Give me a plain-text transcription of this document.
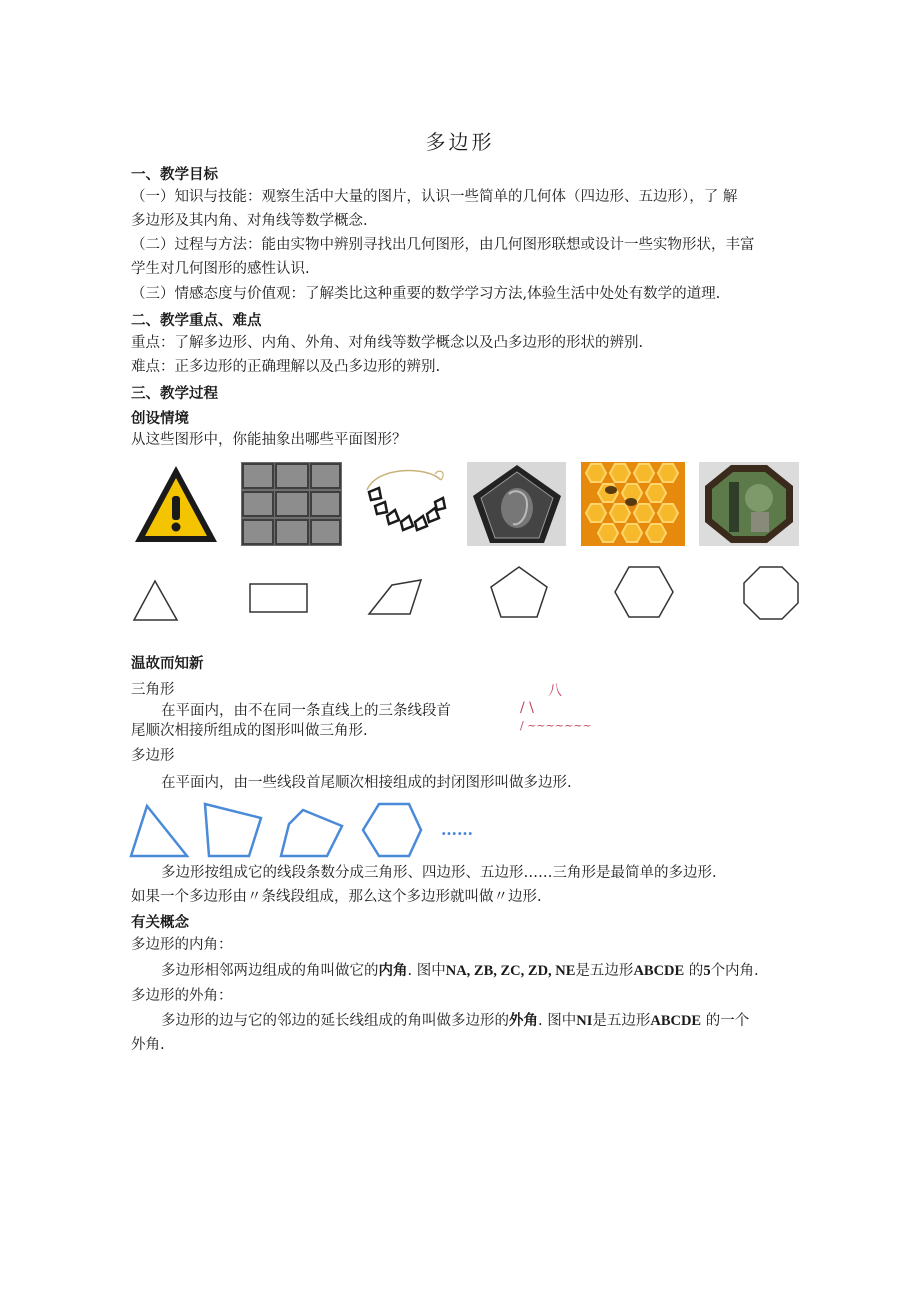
多边形
一、教学目标
（一）知识与技能：观察生活中大量的图片，认识一些简单的几何体（四边形、五边形），了 解
多边形及其内角、对角线等数学概念.
（二）过程与方法：能由实物中辨别寻找出几何图形，由几何图形联想或设计一些实物形状，丰富
学生对几何图形的感性认识.
（三）情感态度与价值观：了解类比这种重要的数学学习方法,体验生活中处处有数学的道理.
二、教学重点、难点
重点：了解多边形、内角、外角、对角线等数学概念以及凸多边形的形状的辨别.
难点：正多边形的正确理解以及凸多边形的辨别.
三、教学过程
创设情境
从这些图形中，你能抽象出哪些平面图形？
温故而知新
三角形
在平面内，由不在同一条直线上的三条线段首
尾顺次相接所组成的图形叫做三角形.
八
/ \
/ ~~~~~~~
多边形
在平面内，由一些线段首尾顺次相接组成的封闭图形叫做多边形.
……
多边形按组成它的线段条数分成三角形、四边形、五边形……三角形是最简单的多边形.
如果一个多边形由〃条线段组成，那么这个多边形就叫做〃边形.
有关概念
多边形的内角：
多边形相邻两边组成的角叫做它的内角. 图中NA, ZB, ZC, ZD, NE是五边形ABCDE 的5个内角.
多边形的外角：
多边形的边与它的邻边的延长线组成的角叫做多边形的外角. 图中NI是五边形ABCDE 的一个
外角.
